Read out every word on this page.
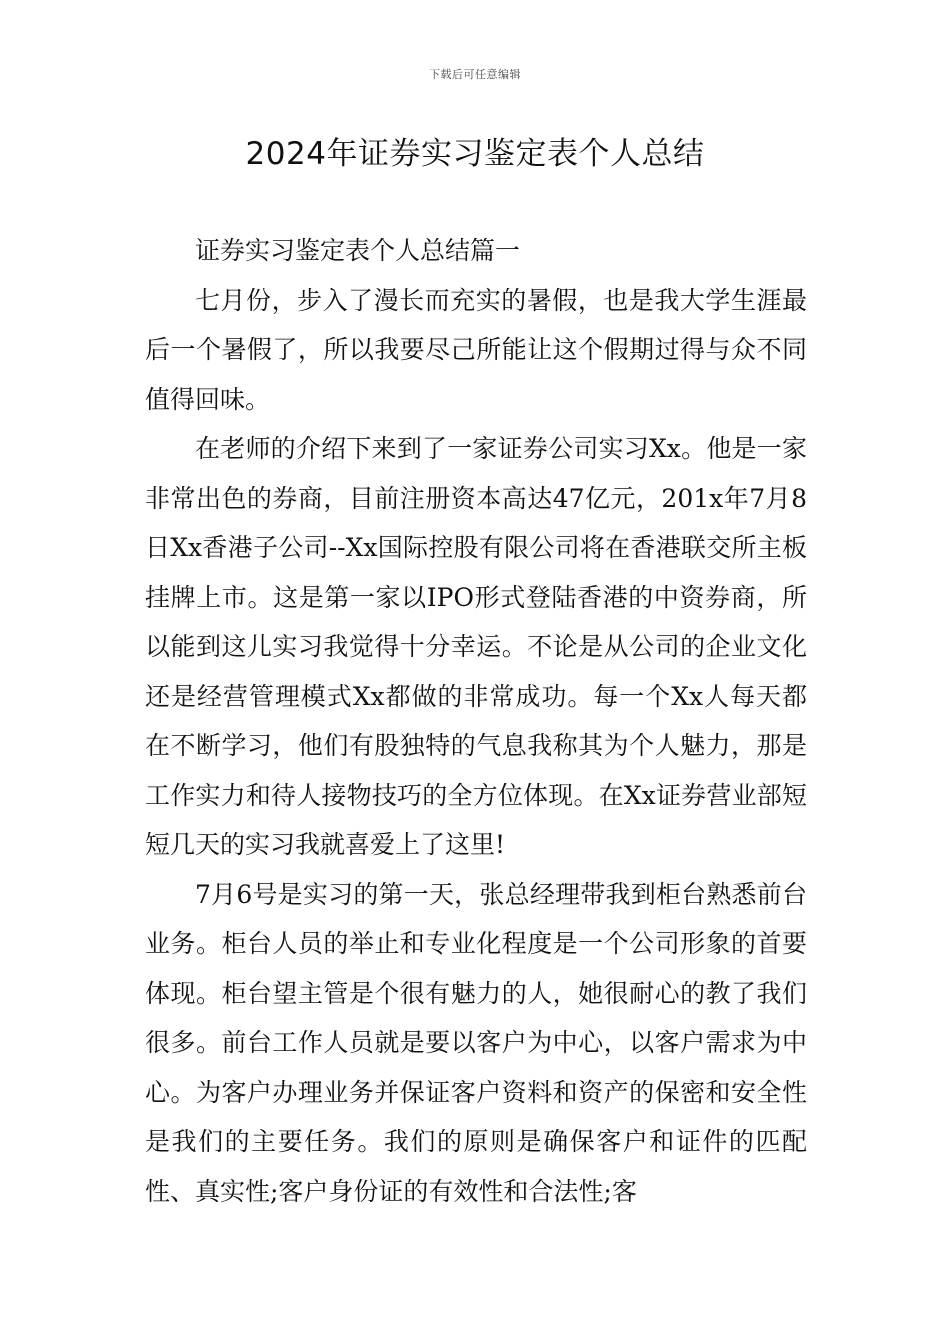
下载后可任意编辑
2024年证券实习鉴定表个人总结

证券实习鉴定表个人总结篇一

七月份，步入了漫长而充实的暑假，也是我大学生涯最后一个暑假了，所以我要尽己所能让这个假期过得与众不同值得回味。

在老师的介绍下来到了一家证券公司实习Xx。他是一家非常出色的券商，目前注册资本高达47亿元，201x年7月8日Xx香港子公司--Xx国际控股有限公司将在香港联交所主板挂牌上市。这是第一家以IPO形式登陆香港的中资券商，所以能到这儿实习我觉得十分幸运。不论是从公司的企业文化还是经营管理模式Xx都做的非常成功。每一个Xx人每天都在不断学习，他们有股独特的气息我称其为个人魅力，那是工作实力和待人接物技巧的全方位体现。在Xx证券营业部短短几天的实习我就喜爱上了这里!

7月6号是实习的第一天，张总经理带我到柜台熟悉前台业务。柜台人员的举止和专业化程度是一个公司形象的首要体现。柜台望主管是个很有魅力的人，她很耐心的教了我们很多。前台工作人员就是要以客户为中心，以客户需求为中心。为客户办理业务并保证客户资料和资产的保密和安全性是我们的主要任务。我们的原则是确保客户和证件的匹配性、真实性;客户身份证的有效性和合法性;客
